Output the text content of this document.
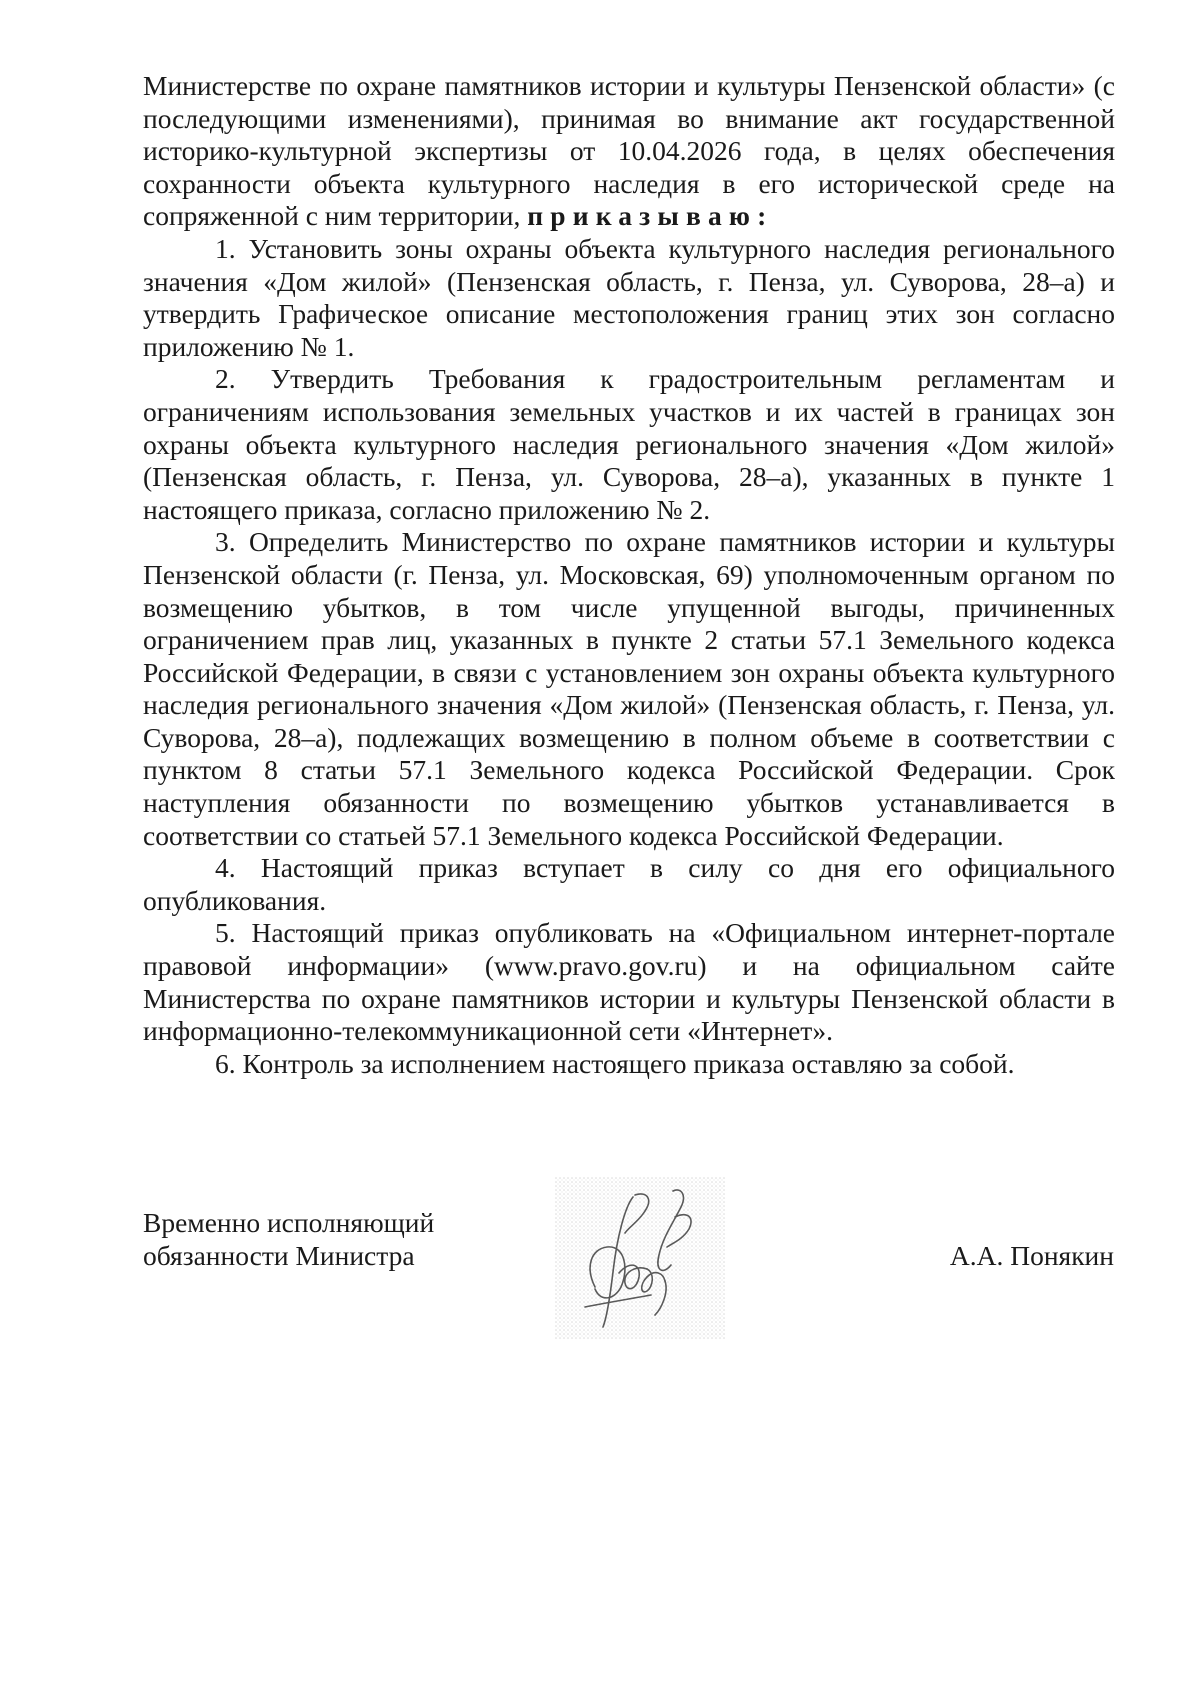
Министерстве по охране памятников истории и культуры Пензенской области» (с последующими изменениями), принимая во внимание акт государственной историко-культурной экспертизы от 10.04.2026 года, в целях обеспечения сохранности объекта культурного наследия в его исторической среде на сопряженной с ним территории, приказываю:

1. Установить зоны охраны объекта культурного наследия регионального значения «Дом жилой» (Пензенская область, г. Пенза, ул. Суворова, 28–а) и утвердить Графическое описание местоположения границ этих зон согласно приложению № 1.

2. Утвердить Требования к градостроительным регламентам и ограничениям использования земельных участков и их частей в границах зон охраны объекта культурного наследия регионального значения «Дом жилой» (Пензенская область, г. Пенза, ул. Суворова, 28–а), указанных в пункте 1 настоящего приказа, согласно приложению № 2.

3. Определить Министерство по охране памятников истории и культуры Пензенской области (г. Пенза, ул. Московская, 69) уполномоченным органом по возмещению убытков, в том числе упущенной выгоды, причиненных ограничением прав лиц, указанных в пункте 2 статьи 57.1 Земельного кодекса Российской Федерации, в связи с установлением зон охраны объекта культурного наследия регионального значения «Дом жилой» (Пензенская область, г. Пенза, ул. Суворова, 28–а), подлежащих возмещению в полном объеме в соответствии с пунктом 8 статьи 57.1 Земельного кодекса Российской Федерации. Срок наступления обязанности по возмещению убытков устанавливается в соответствии со статьей 57.1 Земельного кодекса Российской Федерации.

4. Настоящий приказ вступает в силу со дня его официального опубликования.

5. Настоящий приказ опубликовать на «Официальном интернет-портале правовой информации» (www.pravo.gov.ru) и на официальном сайте Министерства по охране памятников истории и культуры Пензенской области в информационно-телекоммуникационной сети «Интернет».

6. Контроль за исполнением настоящего приказа оставляю за собой.

Временно исполняющий
обязанности Министра	А.А. Понякин
